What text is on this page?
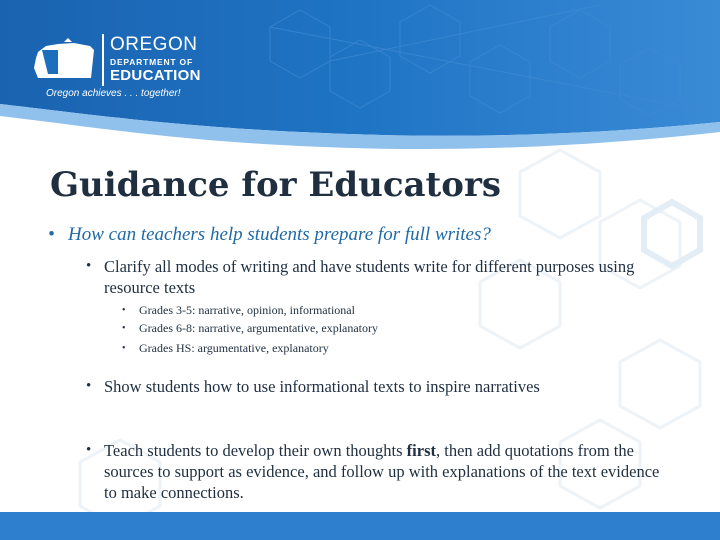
OREGON
DEPARTMENT OF
EDUCATION
Oregon achieves . . . together!
Guidance for Educators
• How can teachers help students prepare for full writes?
• Clarify all modes of writing and have students write for different purposes using resource texts
• Grades 3-5: narrative, opinion, informational
• Grades 6-8: narrative, argumentative, explanatory
• Grades HS: argumentative, explanatory
• Show students how to use informational texts to inspire narratives
• Teach students to develop their own thoughts first, then add quotations from the sources to support as evidence, and follow up with explanations of the text evidence to make connections.
